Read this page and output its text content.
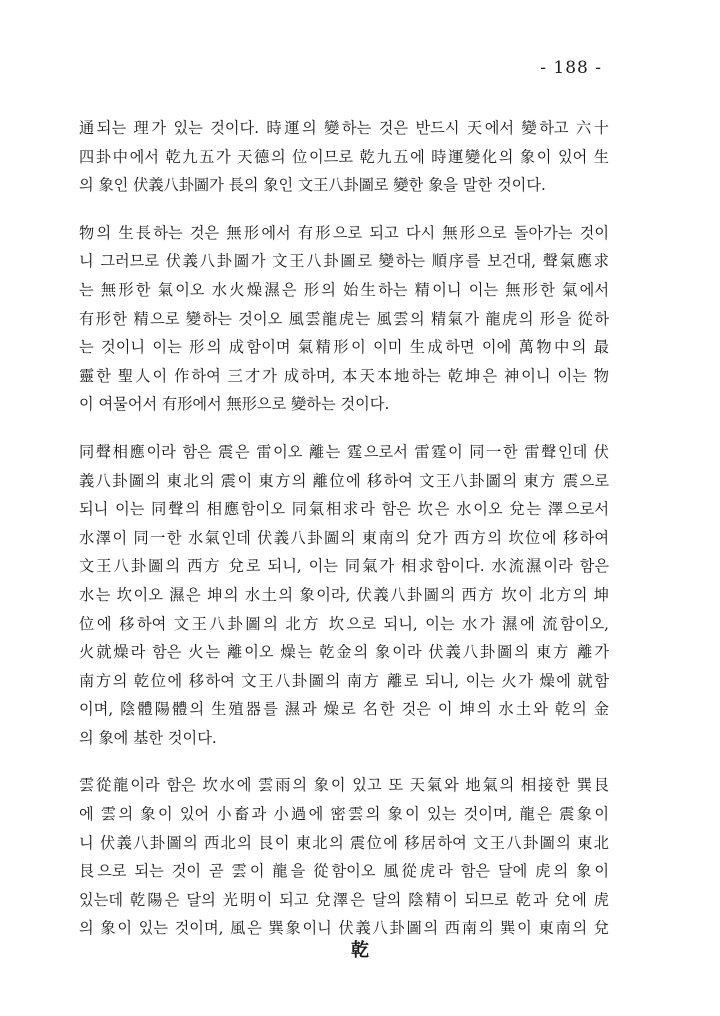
- 188 -
通되는 理가 있는 것이다. 時運의 變하는 것은 반드시 天에서 變하고 六十
四卦中에서 乾九五가 天德의 位이므로 乾九五에 時運變化의 象이 있어 生
의 象인 伏義八卦圖가 長의 象인 文王八卦圖로 變한 象을 말한 것이다.
物의 生長하는 것은 無形에서 有形으로 되고 다시 無形으로 돌아가는 것이
니 그러므로 伏義八卦圖가 文王八卦圖로 變하는 順序를 보건대, 聲氣應求
는 無形한 氣이오 水火燥濕은 形의 始生하는 精이니 이는 無形한 氣에서
有形한 精으로 變하는 것이오 風雲龍虎는 風雲의 精氣가 龍虎의 形을 從하
는 것이니 이는 形의 成함이며 氣精形이 이미 生成하면 이에 萬物中의 最
靈한 聖人이 作하여 三才가 成하며, 本天本地하는 乾坤은 神이니 이는 物
이 여물어서 有形에서 無形으로 變하는 것이다.
同聲相應이라 함은 震은 雷이오 離는 霆으로서 雷霆이 同一한 雷聲인데 伏
義八卦圖의 東北의 震이 東方의 離位에 移하여 文王八卦圖의 東方 震으로
되니 이는 同聲의 相應함이오 同氣相求라 함은 坎은 水이오 兌는 澤으로서
水澤이 同一한 水氣인데 伏義八卦圖의 東南의 兌가 西方의 坎位에 移하여
文王八卦圖의 西方 兌로 되니, 이는 同氣가 相求함이다. 水流濕이라 함은
水는 坎이오 濕은 坤의 水土의 象이라, 伏義八卦圖의 西方 坎이 北方의 坤
位에 移하여 文王八卦圖의 北方 坎으로 되니, 이는 水가 濕에 流함이오,
火就燥라 함은 火는 離이오 燥는 乾金의 象이라 伏義八卦圖의 東方 離가
南方의 乾位에 移하여 文王八卦圖의 南方 離로 되니, 이는 火가 燥에 就함
이며, 陰體陽體의 生殖器를 濕과 燥로 名한 것은 이 坤의 水土와 乾의 金
의 象에 基한 것이다.
雲從龍이라 함은 坎水에 雲雨의 象이 있고 또 天氣와 地氣의 相接한 巽艮
에 雲의 象이 있어 小畜과 小過에 密雲의 象이 있는 것이며, 龍은 震象이
니 伏義八卦圖의 西北의 艮이 東北의 震位에 移居하여 文王八卦圖의 東北
艮으로 되는 것이 곧 雲이 龍을 從함이오 風從虎라 함은 달에 虎의 象이
있는데 乾陽은 달의 光明이 되고 兌澤은 달의 陰精이 되므로 乾과 兌에 虎
의 象이 있는 것이며, 風은 巽象이니 伏義八卦圖의 西南의 巽이 東南의 兌
乾
